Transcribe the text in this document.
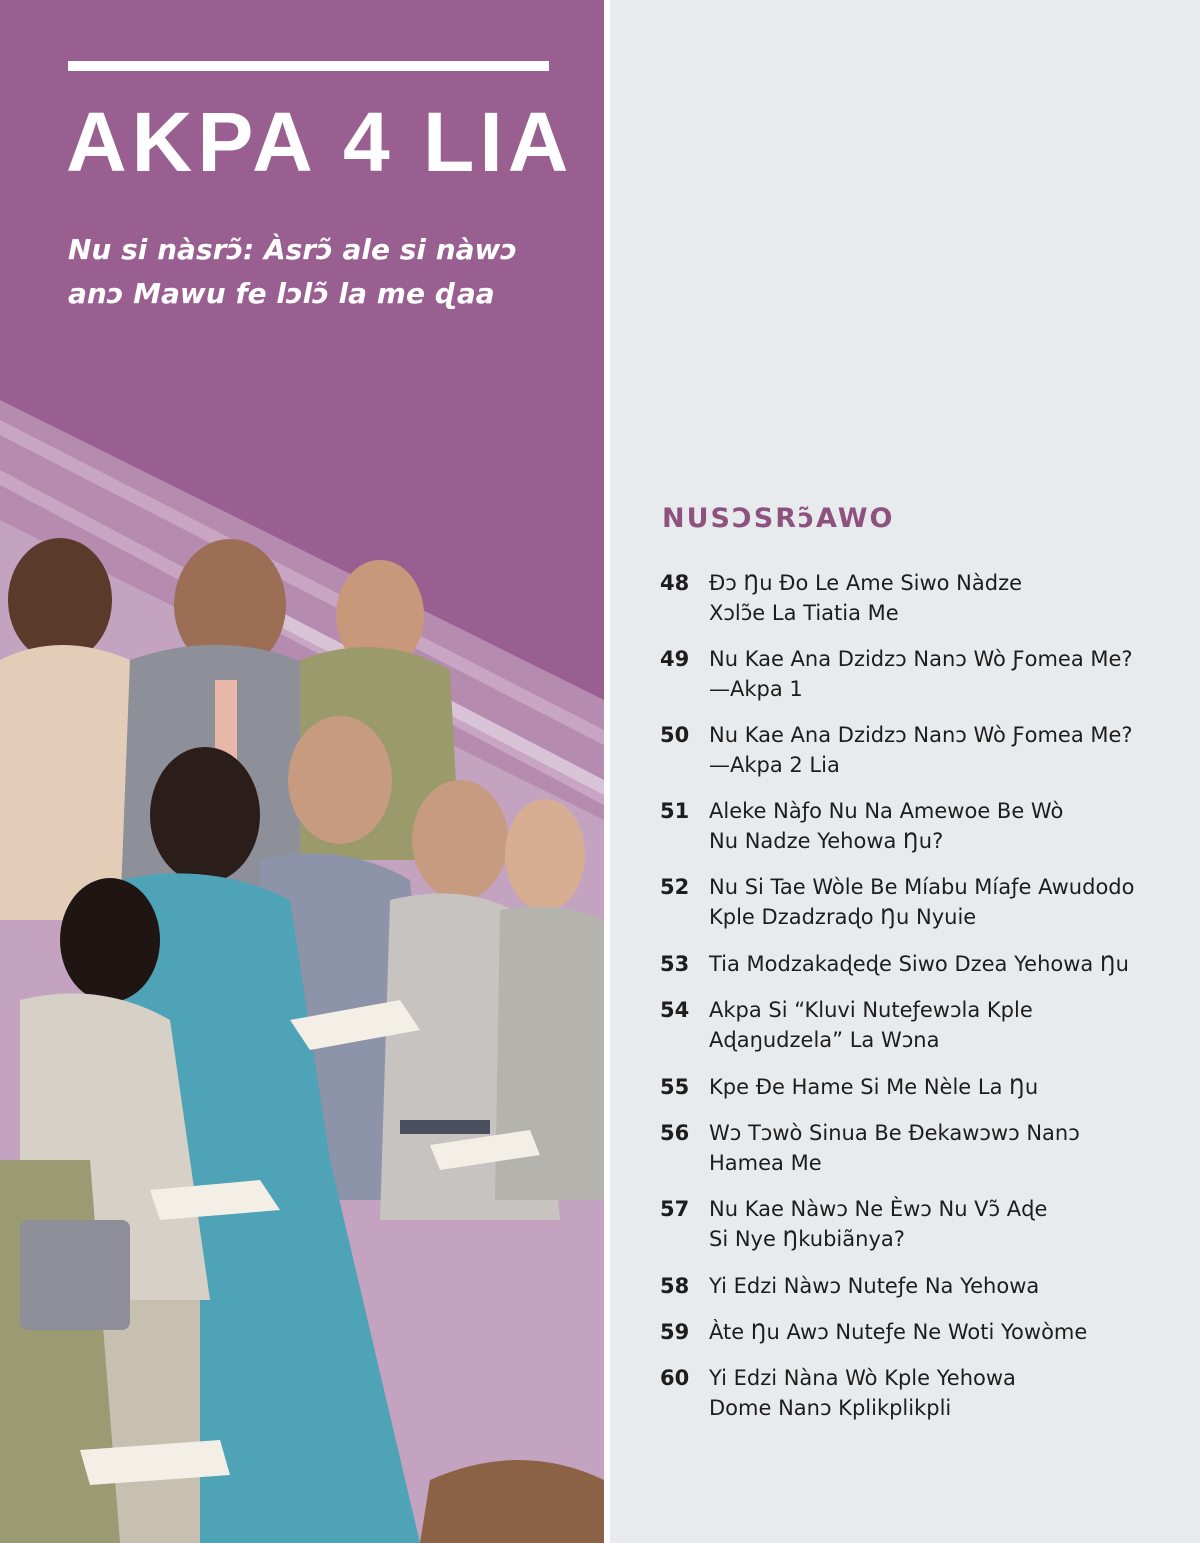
AKPA 4 LIA

Nu si nàsrɔ̃: Àsrɔ̃ ale si nàwɔ
anɔ Mawu fe lɔlɔ̃ la me ɖaa

NUSƆSRɔ̃AWO
48 Ðɔ Ŋu Ðo Le Ame Siwo Nàdze
Xɔlɔ̃e La Tiatia Me
49 Nu Kae Ana Dzidzɔ Nanɔ Wò Ƒomea Me?
—Akpa 1
50 Nu Kae Ana Dzidzɔ Nanɔ Wò Ƒomea Me?
—Akpa 2 Lia
51 Aleke Nàƒo Nu Na Amewoe Be Wò
Nu Nadze Yehowa Ŋu?
52 Nu Si Tae Wòle Be Míabu Míaƒe Awudodo
Kple Dzadzraɖo Ŋu Nyuie
53 Tia Modzakaɖeɖe Siwo Dzea Yehowa Ŋu
54 Akpa Si “Kluvi Nuteƒewɔla Kple
Aɖaŋudzela” La Wɔna
55 Kpe Ðe Hame Si Me Nèle La Ŋu
56 Wɔ Tɔwò Sinua Be Ðekawɔwɔ Nanɔ
Hamea Me
57 Nu Kae Nàwɔ Ne Èwɔ Nu Vɔ̃ Aɖe
Si Nye Ŋkubiãnya?
58 Yi Edzi Nàwɔ Nuteƒe Na Yehowa
59 Àte Ŋu Awɔ Nuteƒe Ne Woti Yowòme
60 Yi Edzi Nàna Wò Kple Yehowa
Dome Nanɔ Kplikplikpli
